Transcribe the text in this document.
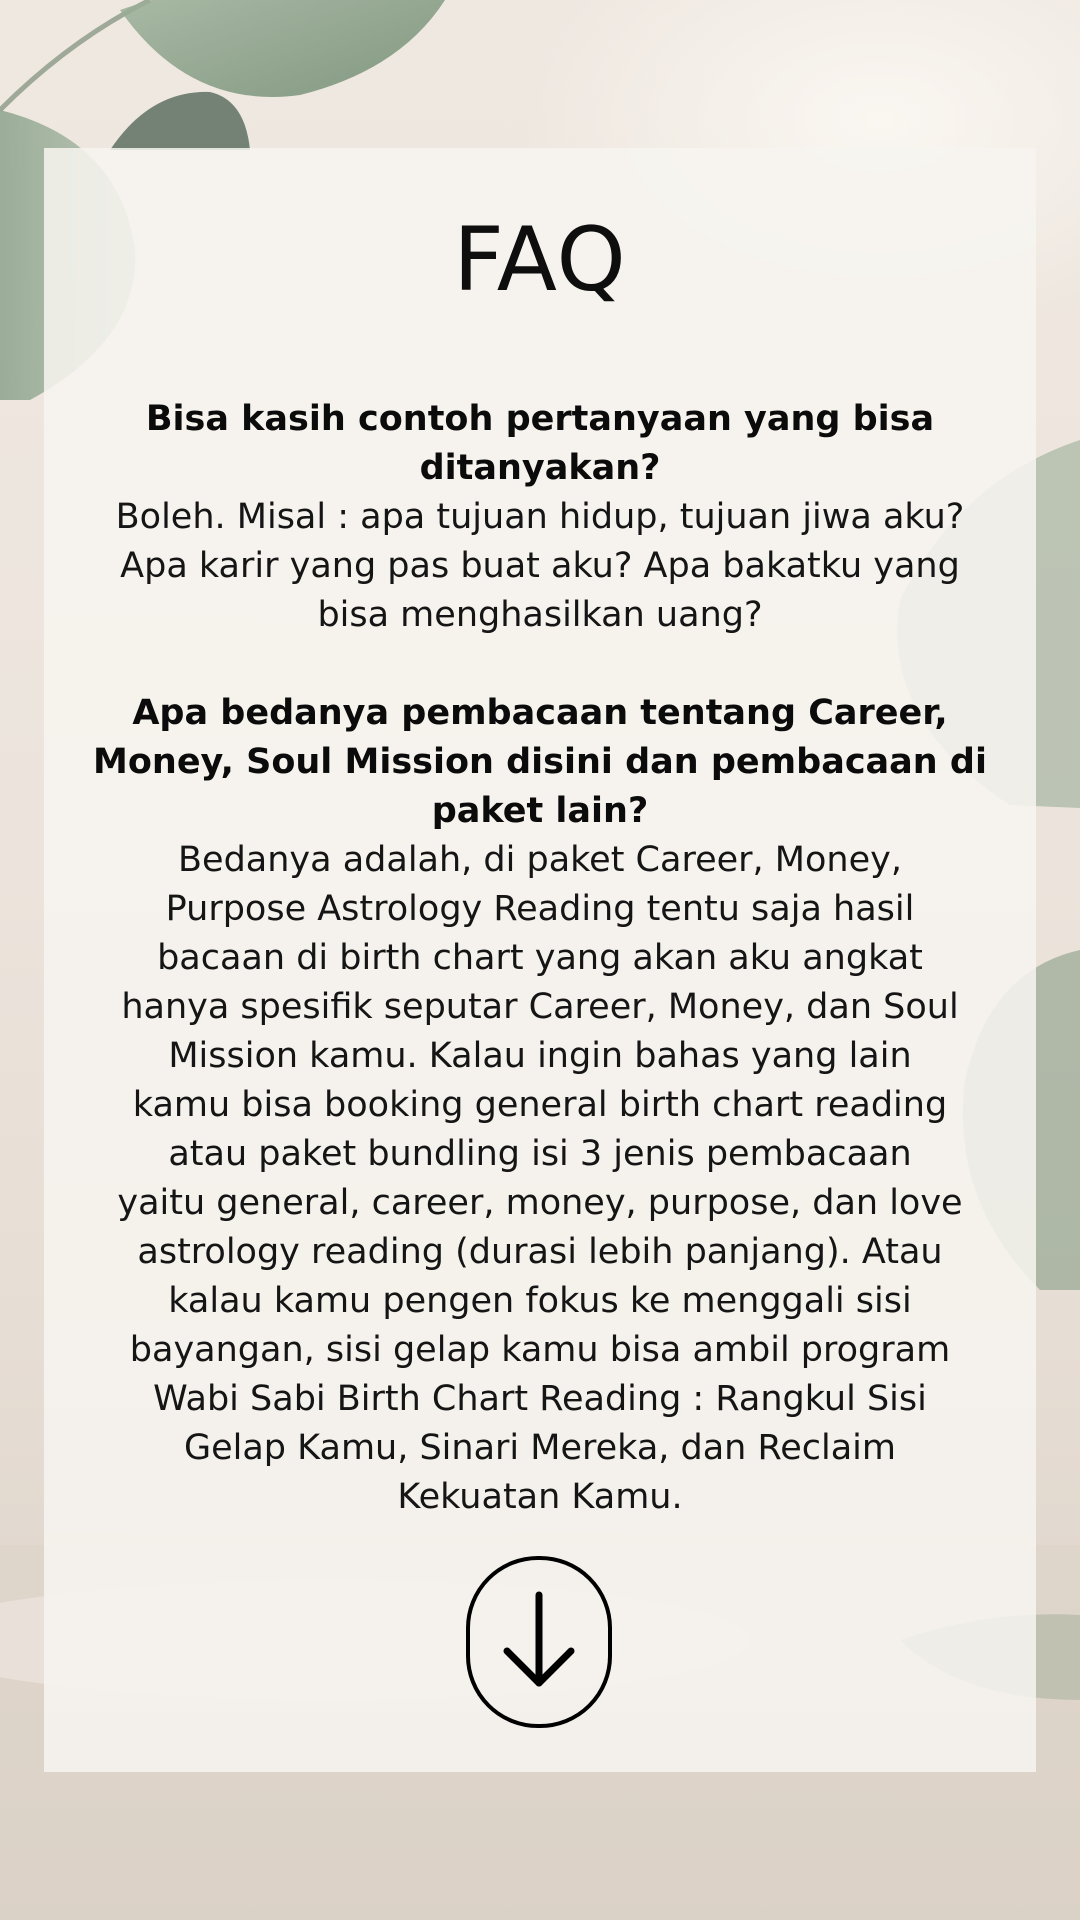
FAQ

Bisa kasih contoh pertanyaan yang bisa
ditanyakan?

Boleh. Misal : apa tujuan hidup, tujuan jiwa aku?
Apa karir yang pas buat aku? Apa bakatku yang
bisa menghasilkan uang?

Apa bedanya pembacaan tentang Career,
Money, Soul Mission disini dan pembacaan di
paket lain?

Bedanya adalah, di paket Career, Money,
Purpose Astrology Reading tentu saja hasil
bacaan di birth chart yang akan aku angkat
hanya spesifik seputar Career, Money, dan Soul
Mission kamu. Kalau ingin bahas yang lain
kamu bisa booking general birth chart reading
atau paket bundling isi 3 jenis pembacaan
yaitu general, career, money, purpose, dan love
astrology reading (durasi lebih panjang). Atau
kalau kamu pengen fokus ke menggali sisi
bayangan, sisi gelap kamu bisa ambil program
Wabi Sabi Birth Chart Reading : Rangkul Sisi
Gelap Kamu, Sinari Mereka, dan Reclaim
Kekuatan Kamu.
